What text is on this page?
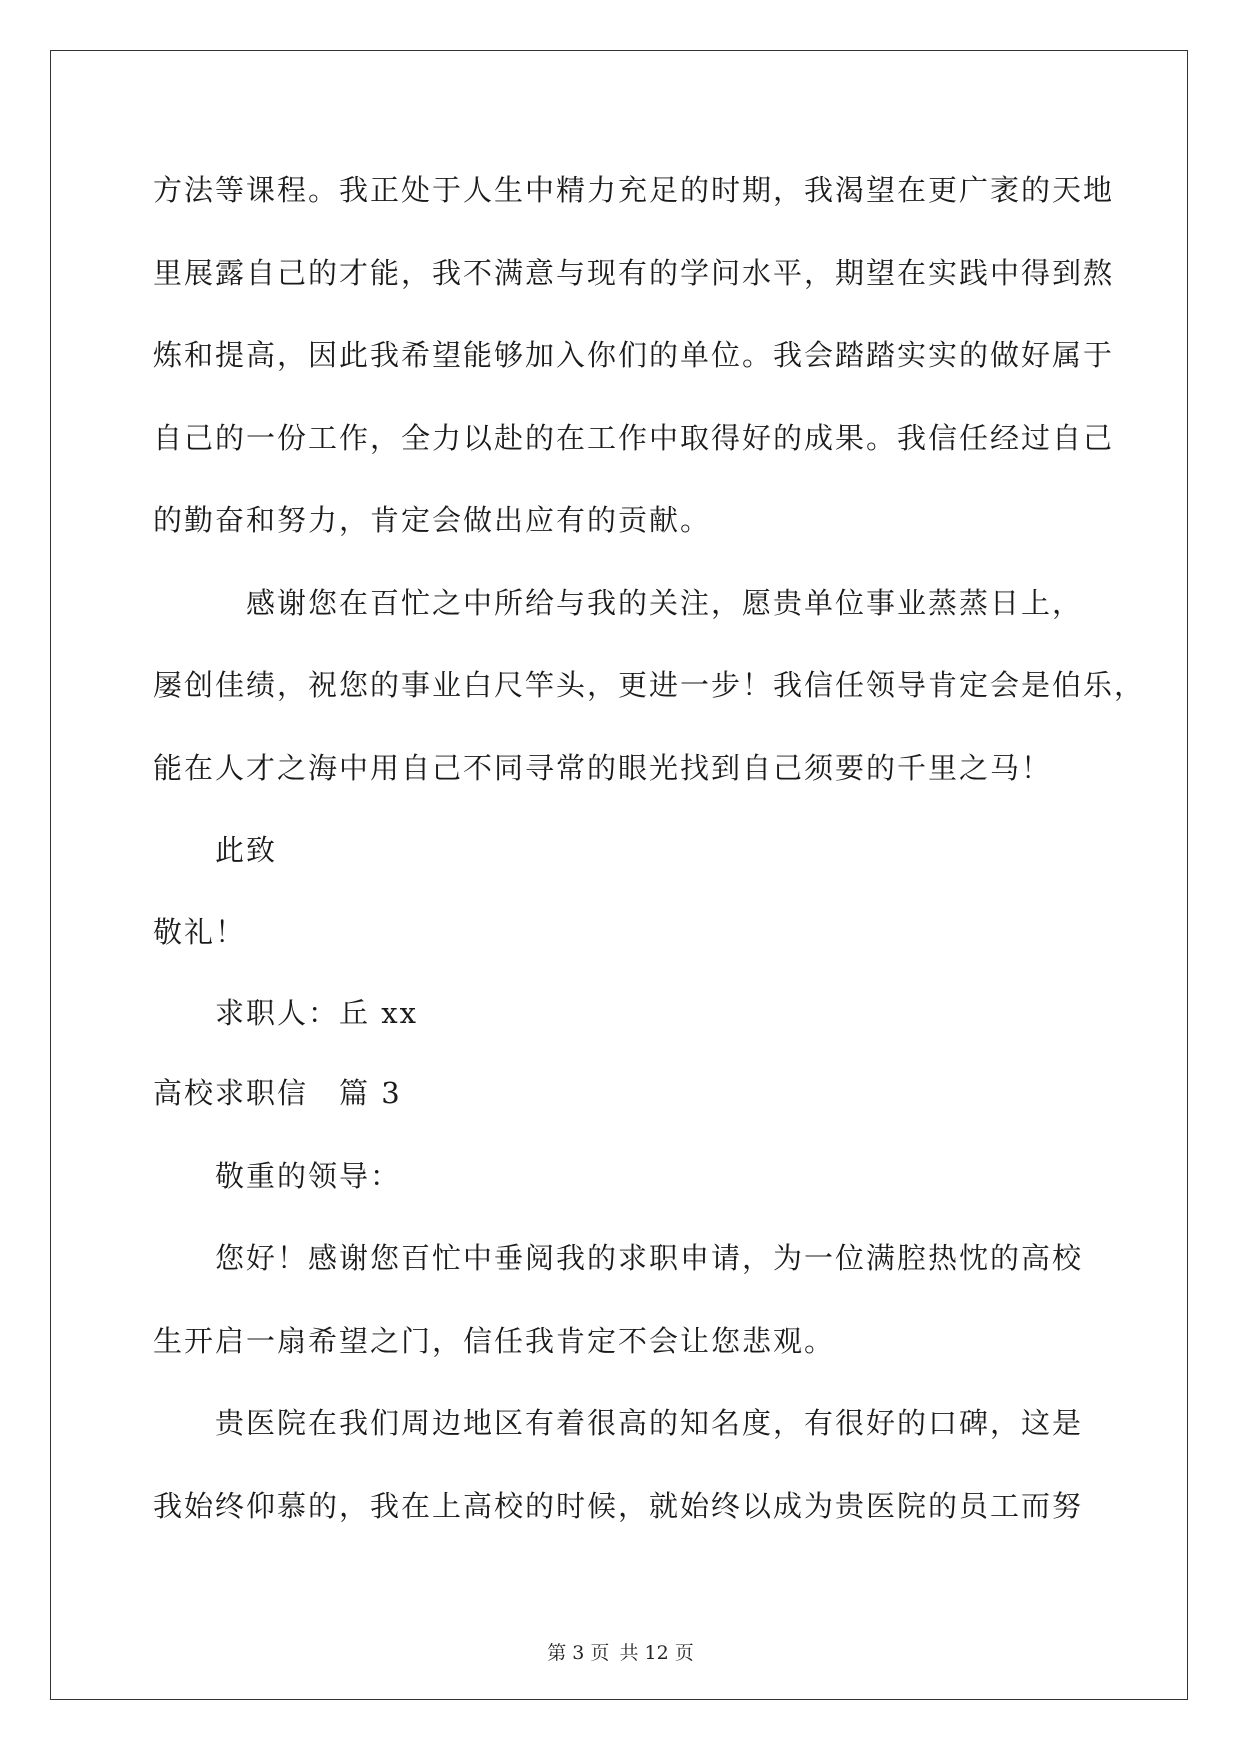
方法等课程。我正处于人生中精力充足的时期，我渴望在更广袤的天地
里展露自己的才能，我不满意与现有的学问水平，期望在实践中得到熬
炼和提高，因此我希望能够加入你们的单位。我会踏踏实实的做好属于
自己的一份工作，全力以赴的在工作中取得好的成果。我信任经过自己
的勤奋和努力，肯定会做出应有的贡献。
　　　感谢您在百忙之中所给与我的关注，愿贵单位事业蒸蒸日上，
屡创佳绩，祝您的事业白尺竿头，更进一步！我信任领导肯定会是伯乐，
能在人才之海中用自己不同寻常的眼光找到自己须要的千里之马！
　　此致
敬礼！
　　求职人：丘 xx
高校求职信　篇 3
　　敬重的领导：
　　您好！感谢您百忙中垂阅我的求职申请，为一位满腔热忱的高校
生开启一扇希望之门，信任我肯定不会让您悲观。
　　贵医院在我们周边地区有着很高的知名度，有很好的口碑，这是
我始终仰慕的，我在上高校的时候，就始终以成为贵医院的员工而努
第 3 页 共 12 页
